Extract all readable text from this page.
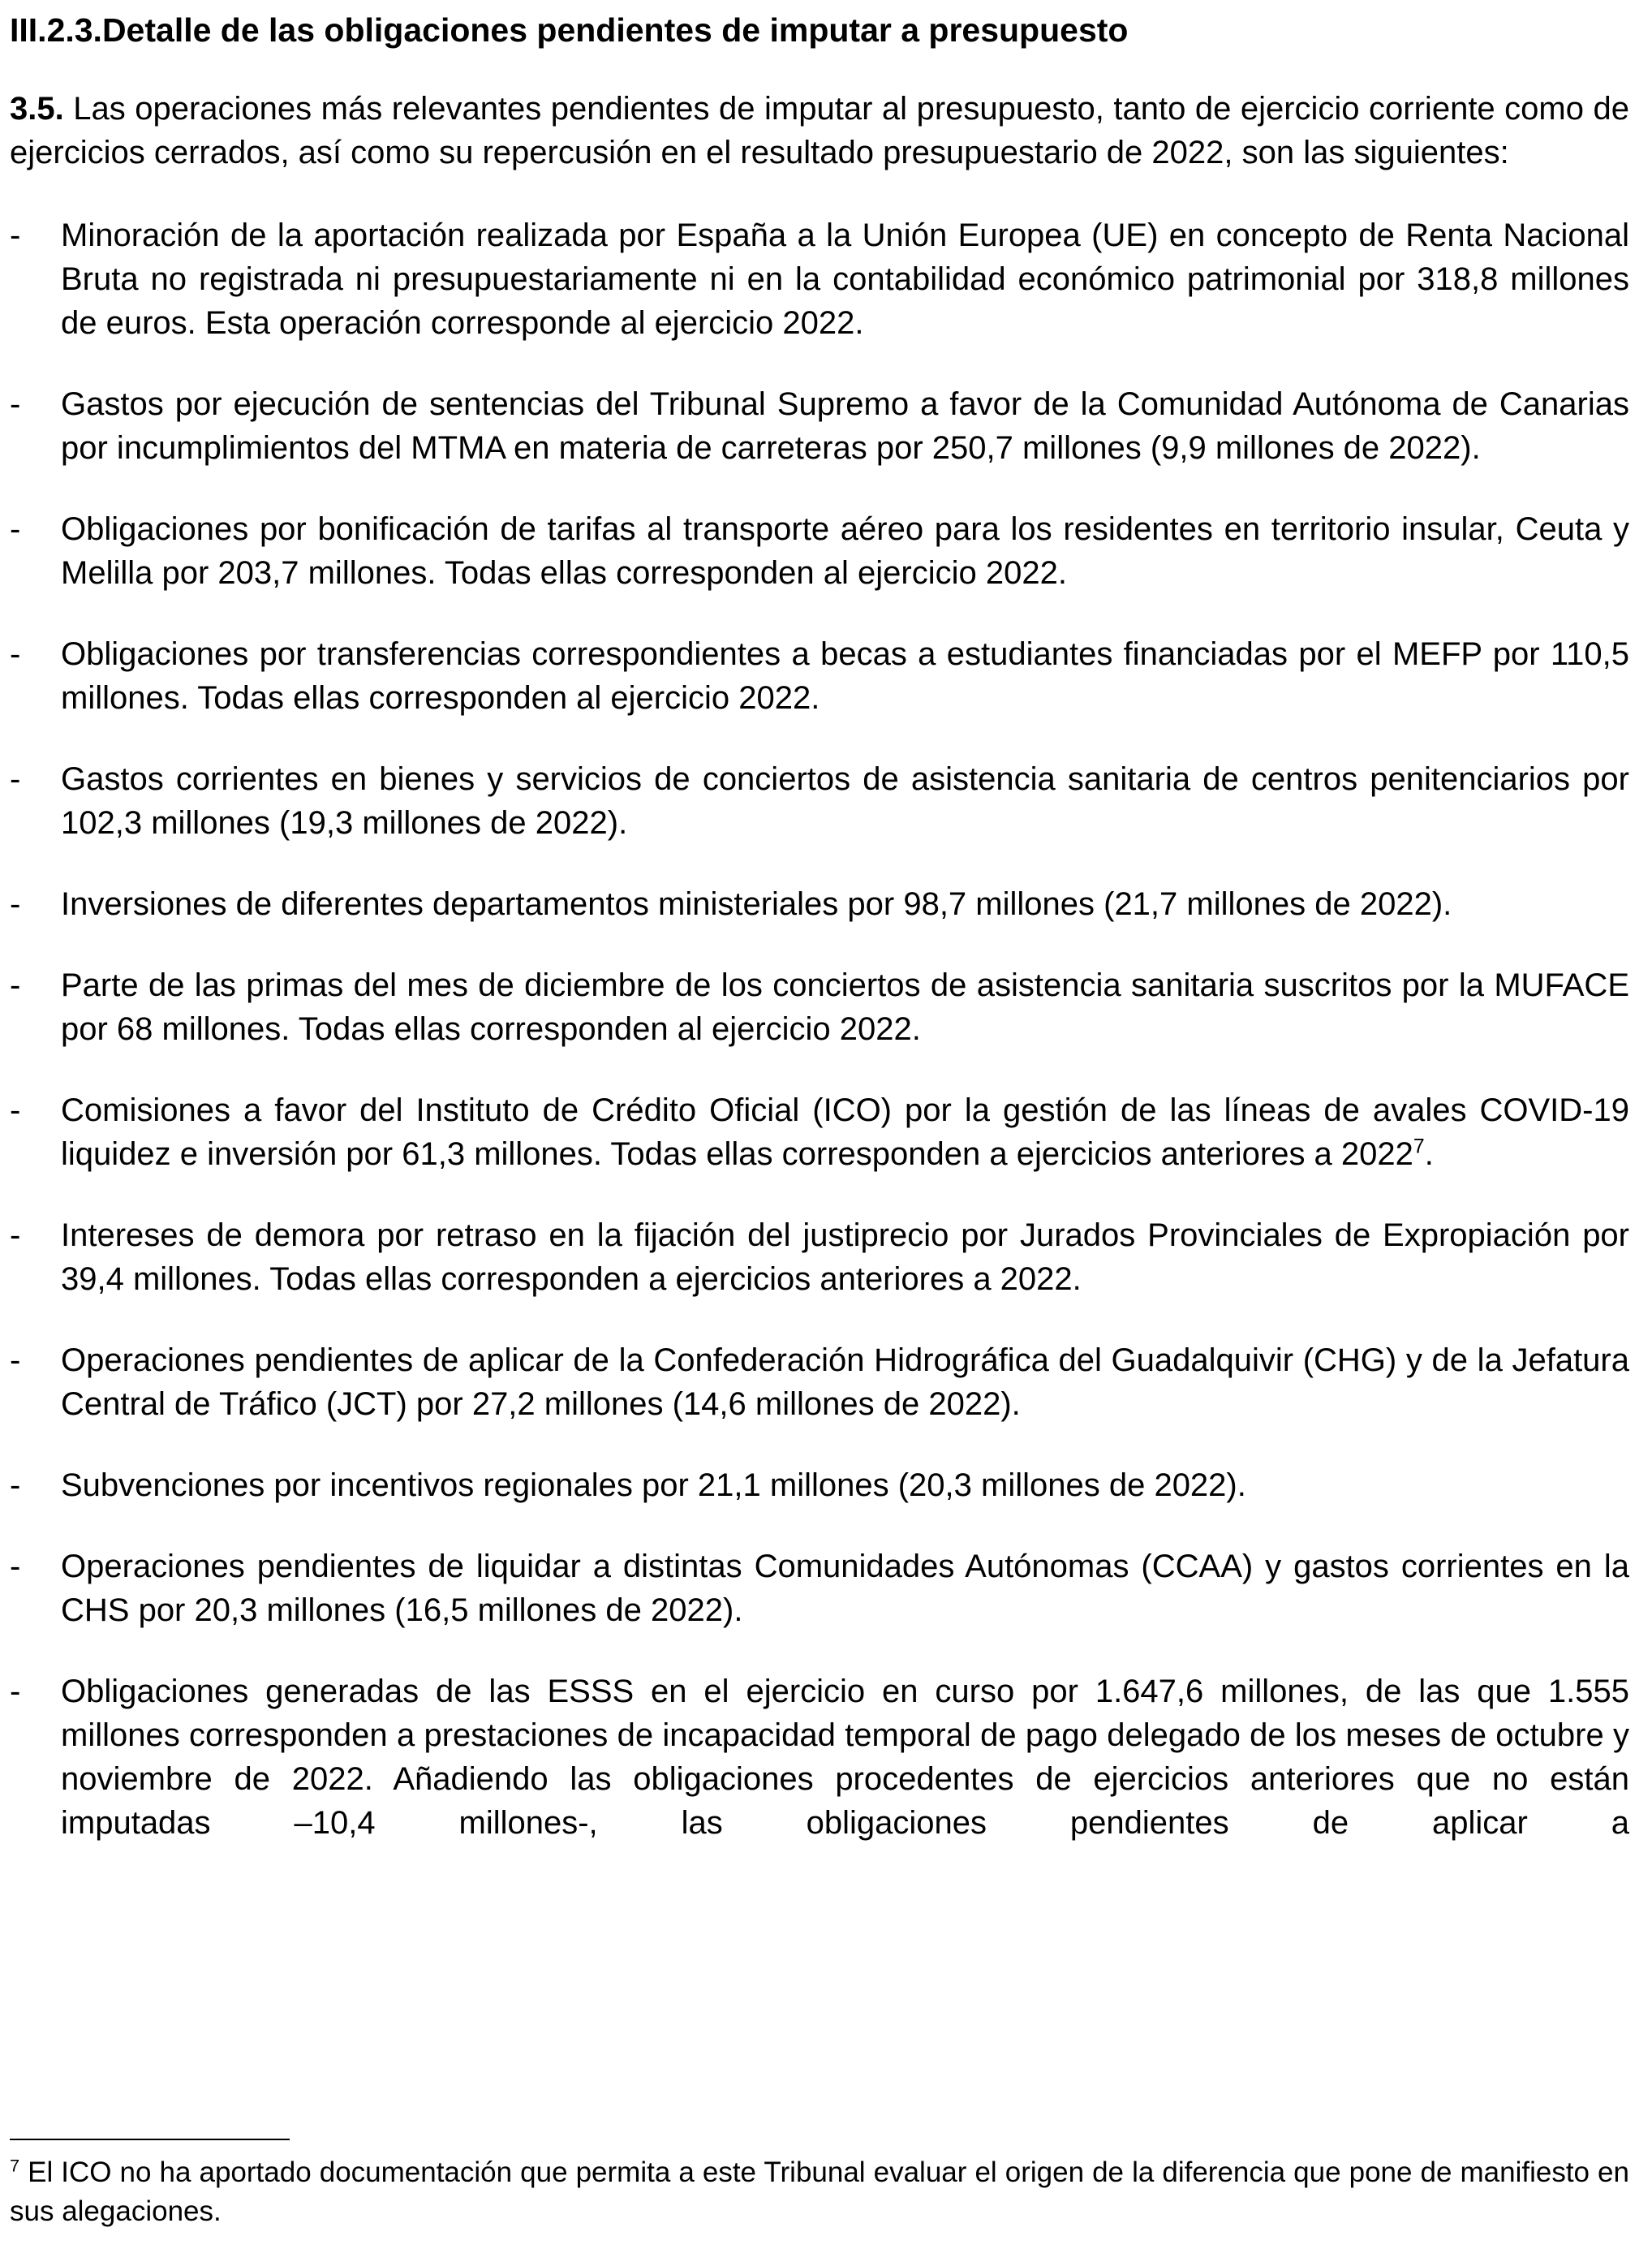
III.2.3.Detalle de las obligaciones pendientes de imputar a presupuesto

3.5. Las operaciones más relevantes pendientes de imputar al presupuesto, tanto de ejercicio corriente como de ejercicios cerrados, así como su repercusión en el resultado presupuestario de 2022, son las siguientes:

- Minoración de la aportación realizada por España a la Unión Europea (UE) en concepto de Renta Nacional Bruta no registrada ni presupuestariamente ni en la contabilidad económico patrimonial por 318,8 millones de euros. Esta operación corresponde al ejercicio 2022.
- Gastos por ejecución de sentencias del Tribunal Supremo a favor de la Comunidad Autónoma de Canarias por incumplimientos del MTMA en materia de carreteras por 250,7 millones (9,9 millones de 2022).
- Obligaciones por bonificación de tarifas al transporte aéreo para los residentes en territorio insular, Ceuta y Melilla por 203,7 millones. Todas ellas corresponden al ejercicio 2022.
- Obligaciones por transferencias correspondientes a becas a estudiantes financiadas por el MEFP por 110,5 millones. Todas ellas corresponden al ejercicio 2022.
- Gastos corrientes en bienes y servicios de conciertos de asistencia sanitaria de centros penitenciarios por 102,3 millones (19,3 millones de 2022).
- Inversiones de diferentes departamentos ministeriales por 98,7 millones (21,7 millones de 2022).
- Parte de las primas del mes de diciembre de los conciertos de asistencia sanitaria suscritos por la MUFACE por 68 millones. Todas ellas corresponden al ejercicio 2022.
- Comisiones a favor del Instituto de Crédito Oficial (ICO) por la gestión de las líneas de avales COVID-19 liquidez e inversión por 61,3 millones. Todas ellas corresponden a ejercicios anteriores a 2022$^7$.
- Intereses de demora por retraso en la fijación del justiprecio por Jurados Provinciales de Expropiación por 39,4 millones. Todas ellas corresponden a ejercicios anteriores a 2022.
- Operaciones pendientes de aplicar de la Confederación Hidrográfica del Guadalquivir (CHG) y de la Jefatura Central de Tráfico (JCT) por 27,2 millones (14,6 millones de 2022).
- Subvenciones por incentivos regionales por 21,1 millones (20,3 millones de 2022).
- Operaciones pendientes de liquidar a distintas Comunidades Autónomas (CCAA) y gastos corrientes en la CHS por 20,3 millones (16,5 millones de 2022).
- Obligaciones generadas de las ESSS en el ejercicio en curso por 1.647,6 millones, de las que 1.555 millones corresponden a prestaciones de incapacidad temporal de pago delegado de los meses de octubre y noviembre de 2022. Añadiendo las obligaciones procedentes de ejercicios anteriores que no están imputadas –10,4 millones-, las obligaciones pendientes de aplicar a

$^7$ El ICO no ha aportado documentación que permita a este Tribunal evaluar el origen de la diferencia que pone de manifiesto en sus alegaciones.
